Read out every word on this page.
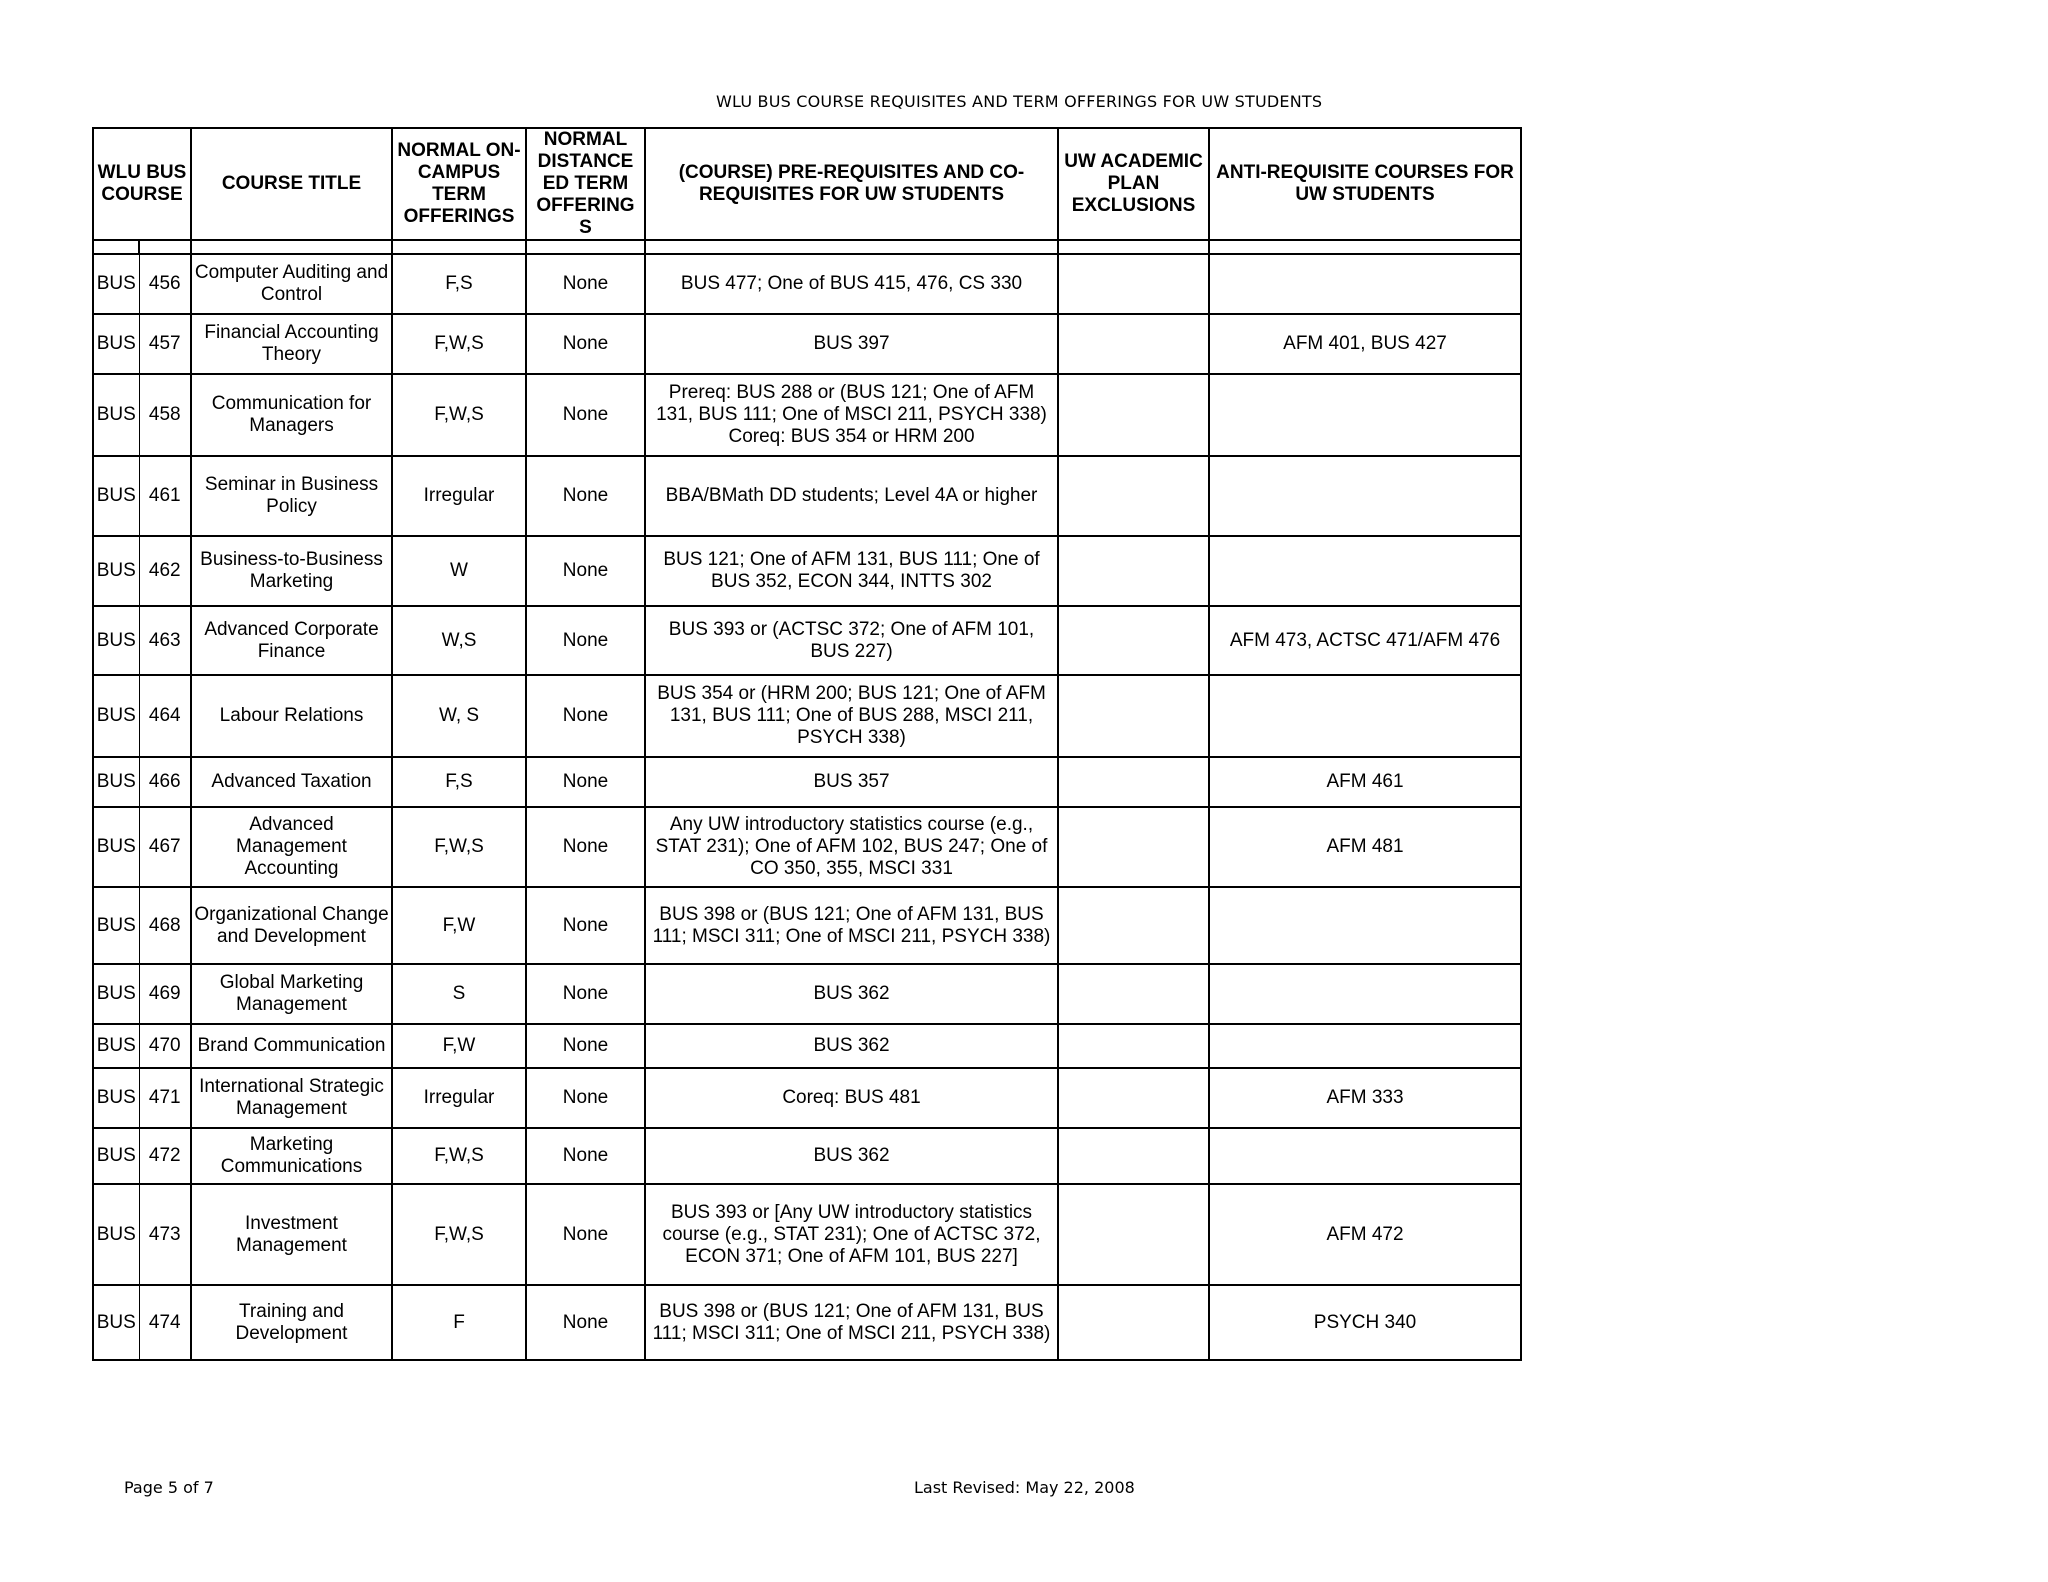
WLU BUS COURSE REQUISITES AND TERM OFFERINGS FOR UW STUDENTS
WLU BUS COURSE		COURSE TITLE	NORMAL ON-CAMPUS TERM OFFERINGS	NORMAL DISTANCE ED TERM OFFERING S	(COURSE) PRE-REQUISITES AND CO-REQUISITES FOR UW STUDENTS	UW ACADEMIC PLAN EXCLUSIONS	ANTI-REQUISITE COURSES FOR UW STUDENTS

BUS	456	Computer Auditing and Control	F,S	None	BUS 477; One of BUS 415, 476, CS 330		
BUS	457	Financial Accounting Theory	F,W,S	None	BUS 397		AFM 401, BUS 427
BUS	458	Communication for Managers	F,W,S	None	Prereq: BUS 288 or (BUS 121; One of AFM 131, BUS 111; One of MSCI 211, PSYCH 338) Coreq: BUS 354 or HRM 200		
BUS	461	Seminar in Business Policy	Irregular	None	BBA/BMath DD students; Level 4A or higher		
BUS	462	Business-to-Business Marketing	W	None	BUS 121; One of AFM 131, BUS 111; One of BUS 352, ECON 344, INTTS 302		
BUS	463	Advanced Corporate Finance	W,S	None	BUS 393 or (ACTSC 372; One of AFM 101, BUS 227)		AFM 473, ACTSC 471/AFM 476
BUS	464	Labour Relations	W, S	None	BUS 354 or (HRM 200; BUS 121; One of AFM 131, BUS 111; One of BUS 288, MSCI 211, PSYCH 338)		
BUS	466	Advanced Taxation	F,S	None	BUS 357		AFM 461
BUS	467	Advanced Management Accounting	F,W,S	None	Any UW introductory statistics course (e.g., STAT 231); One of AFM 102, BUS 247; One of CO 350, 355, MSCI 331		AFM 481
BUS	468	Organizational Change and Development	F,W	None	BUS 398 or (BUS 121; One of AFM 131, BUS 111; MSCI 311; One of MSCI 211, PSYCH 338)		
BUS	469	Global Marketing Management	S	None	BUS 362		
BUS	470	Brand Communication	F,W	None	BUS 362		
BUS	471	International Strategic Management	Irregular	None	Coreq: BUS 481		AFM 333
BUS	472	Marketing Communications	F,W,S	None	BUS 362		
BUS	473	Investment Management	F,W,S	None	BUS 393 or [Any UW introductory statistics course (e.g., STAT 231); One of ACTSC 372, ECON 371; One of AFM 101, BUS 227]		AFM 472
BUS	474	Training and Development	F	None	BUS 398 or (BUS 121; One of AFM 131, BUS 111; MSCI 311; One of MSCI 211, PSYCH 338)		PSYCH 340
Page 5 of 7	Last Revised: May 22, 2008
